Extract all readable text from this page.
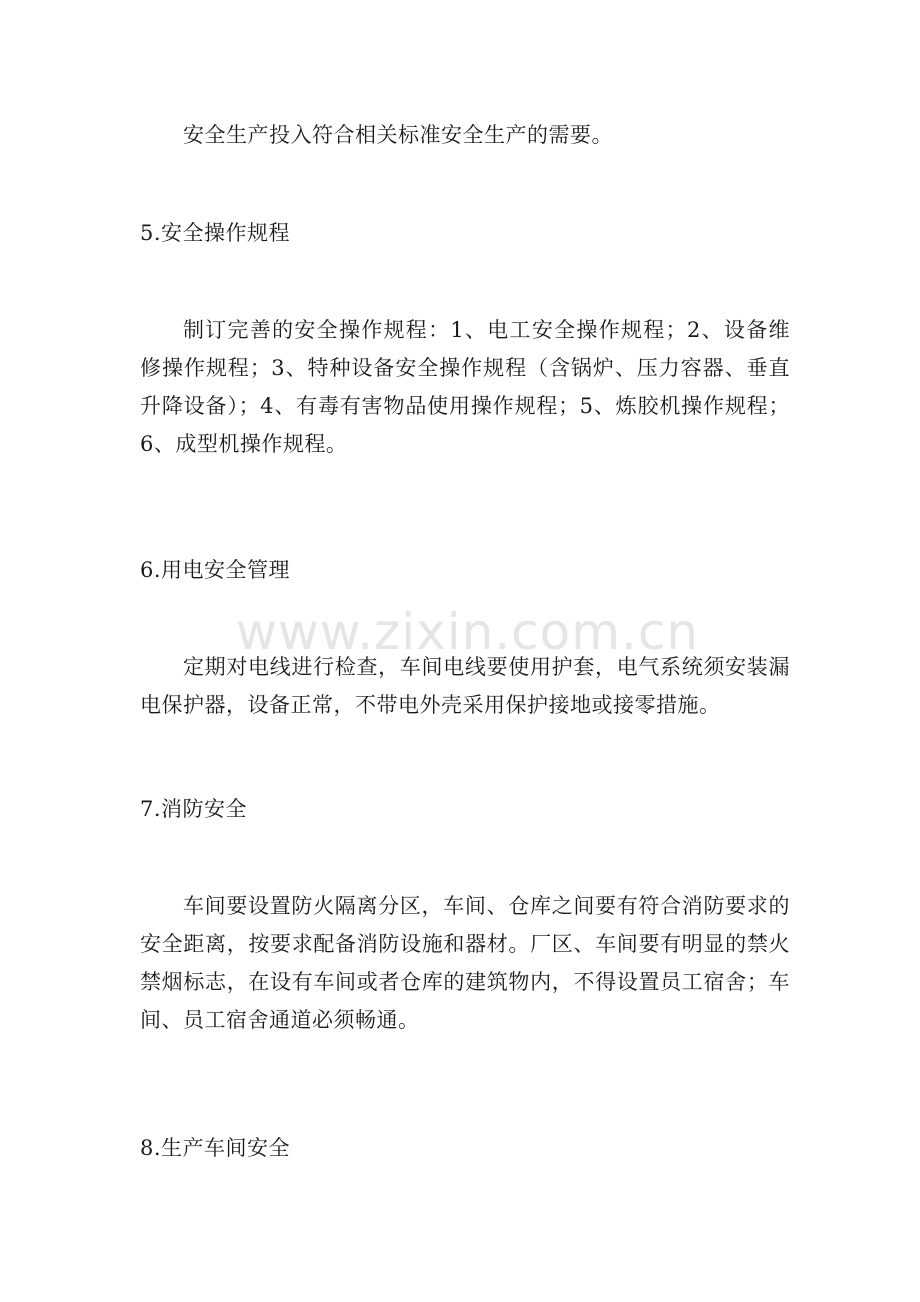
安全生产投入符合相关标准安全生产的需要。

5.安全操作规程

制订完善的安全操作规程：1、电工安全操作规程；2、设备维修操作规程；3、特种设备安全操作规程（含锅炉、压力容器、垂直升降设备）；4、有毒有害物品使用操作规程；5、炼胶机操作规程；6、成型机操作规程。

6.用电安全管理

定期对电线进行检查，车间电线要使用护套，电气系统须安装漏电保护器，设备正常，不带电外壳采用保护接地或接零措施。

7.消防安全

车间要设置防火隔离分区，车间、仓库之间要有符合消防要求的安全距离，按要求配备消防设施和器材。厂区、车间要有明显的禁火禁烟标志，在设有车间或者仓库的建筑物内，不得设置员工宿舍；车间、员工宿舍通道必须畅通。

8.生产车间安全
www.zixin.com.cn
